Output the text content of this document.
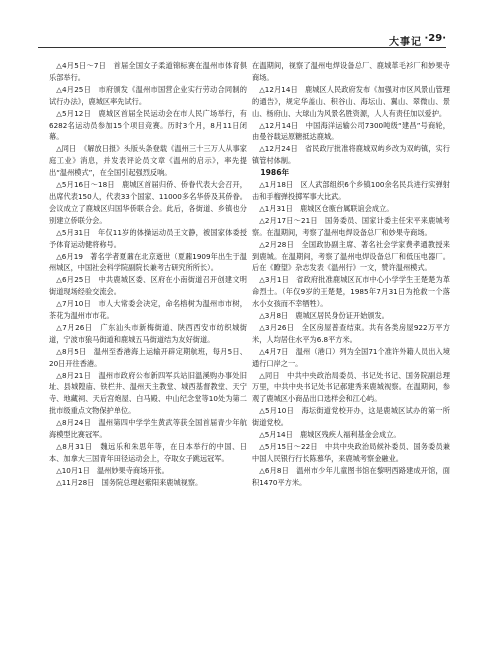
大事记 ·29·

△4月5日～7日　首届全国女子柔道锦标赛在温州市体育俱乐部举行。

△4月25日　市府颁发《温州市国营企业实行劳动合同制的试行办法》，鹿城区率先试行。

△5月12日　鹿城区首届全民运动会在市人民广场举行，有6282名运动员参加15个项目竞赛。历时3个月，8月11日闭幕。

△同日　《解放日报》头版头条登载《温州三十三万人从事家庭工业》消息，并发表评论员文章《温州的启示》，率先提出“温州模式”，在全国引起强烈反响。

△5月16日～18日　鹿城区首届归侨、侨眷代表大会召开，出席代表150人，代表33个国家、11000多名华侨及其侨眷。会议成立了鹿城区归国华侨联合会。此后，各街道、乡镇也分别建立侨联分会。

△5月31日　年仅11岁的体操运动员王文静，被国家体委授予体育运动健将称号。

△6月19　著名学者夏鼐在北京逝世（夏鼐1909年出生于温州城区，中国社会科学院副院长兼考古研究所所长）。

△6月25日　中共鹿城区委、区府在小南街道召开创建文明街道现场经验交流会。

△7月10日　市人大常委会决定，命名榕树为温州市市树，茶花为温州市市花。

△7月26日　广东汕头市新梅街道、陕西西安市纺织城街道，宁波市狼马街道和鹿城五马街道结为友好街道。

△8月5日　温州至香港海上运输开辟定期航班，每月5日、20日开往香港。

△8月21日　温州市政府公布新四军兵站旧温溪购办事处旧址、县城隍庙、铁栏井、温州天主教堂、城西基督教堂、天宁寺、地藏祠、天后宫炮屋、白马殿、中山纪念堂等10处为第二批市级重点文物保护单位。

△8月24日　温州第四中学学生黄武等获全国首届青少年航海模型比赛冠军。

△8月31日　魏远乐和朱思年等，在日本举行的中国、日本、加拿大三国青年田径运动会上，夺取女子跳远冠军。

△10月1日　温州妙果寺商场开张。

△11月28日　国务院总理赵紫阳来鹿城视察。

在温期间，视察了温州电焊设备总厂、鹿城革毛衫厂和妙果寺商场。

△12月14日　鹿城区人民政府发布《加强对市区风景山管理的通告》，规定华盖山、积谷山、海坛山、翼山、翠微山、景山、杨府山、大球山为风景名胜资源，人人有责任加以爱护。

△12月14日　中国海洋运输公司7300吨级“建昌”号商轮，由曼谷载运原糖抵达鹿城。

△12月24日　省民政厅批准将鹿城双屿乡改为双屿镇，实行镇管村体制。

1986年

△1月18日　区人武部组织6个乡镇100余名民兵进行实弹射击和手榴弹投掷军事大比武。

△1月31日　鹿城区仓廒台属联谊会成立。

△2月17日～21日　国务委员、国家计委主任宋平来鹿城考察。在温期间，考察了温州电焊设备总厂和妙果寺商场。

△2月28日　全国政协副主席、著名社会学家费孝通教授来到鹿城。在温期间，考察了温州电焊设备总厂和低压电器厂。后在《瞭望》杂志发表《温州行》一文，赞许温州模式。

△3月1日　省政府批准鹿城区瓦市中心小学学生王楚楚为革命烈士。（年仅9岁的王楚楚，1985年7月31日为抢救一个落水小女孩而不幸牺牲）。

△3月8日　鹿城区居民身份证开始颁发。

△3月26日　全区房屋普查结束。共有各类房屋922万平方米，人均居住水平为6.8平方米。

△4月7日　温州（港口）列为全国71个准许外籍人员出入境通行口岸之一。

△同日　中共中央政治局委员、书记处书记、国务院副总理万里，中共中央书记处书记郝建秀来鹿城视察。在温期间，参观了鹿城区小商品出口选样会和江心屿。

△5月10日　海坛街道党校开办，这是鹿城区试办的第一所街道党校。

△5月14日　鹿城区残疾人福利基金会成立。

△5月15日～22日　中共中央政治局候补委员、国务委员兼中国人民银行行长陈慕华，来鹿城考察金融业。

△6月8日　温州市少年儿童图书馆在黎明西路建成开馆，面积1470平方米。
